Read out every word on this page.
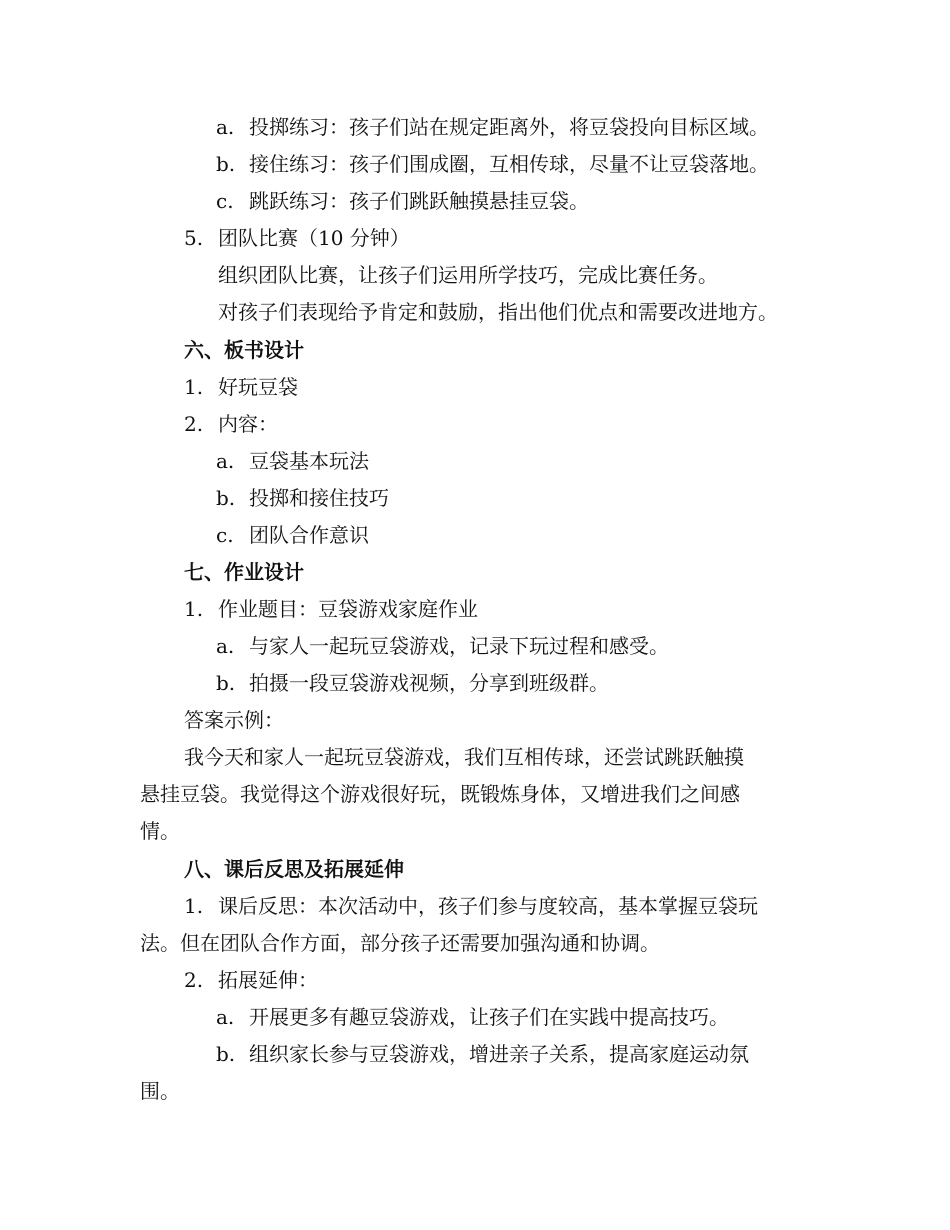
a. 投掷练习：孩子们站在规定距离外，将豆袋投向目标区域。
b. 接住练习：孩子们围成圈，互相传球，尽量不让豆袋落地。
c. 跳跃练习：孩子们跳跃触摸悬挂豆袋。
5. 团队比赛（10 分钟）
组织团队比赛，让孩子们运用所学技巧，完成比赛任务。
对孩子们表现给予肯定和鼓励，指出他们优点和需要改进地方。
六、板书设计
1. 好玩豆袋
2. 内容：
a. 豆袋基本玩法
b. 投掷和接住技巧
c. 团队合作意识
七、作业设计
1. 作业题目：豆袋游戏家庭作业
a. 与家人一起玩豆袋游戏，记录下玩过程和感受。
b. 拍摄一段豆袋游戏视频，分享到班级群。
答案示例：
我今天和家人一起玩豆袋游戏，我们互相传球，还尝试跳跃触摸
悬挂豆袋。我觉得这个游戏很好玩，既锻炼身体，又增进我们之间感
情。
八、课后反思及拓展延伸
1. 课后反思：本次活动中，孩子们参与度较高，基本掌握豆袋玩
法。但在团队合作方面，部分孩子还需要加强沟通和协调。
2. 拓展延伸：
a. 开展更多有趣豆袋游戏，让孩子们在实践中提高技巧。
b. 组织家长参与豆袋游戏，增进亲子关系，提高家庭运动氛
围。
